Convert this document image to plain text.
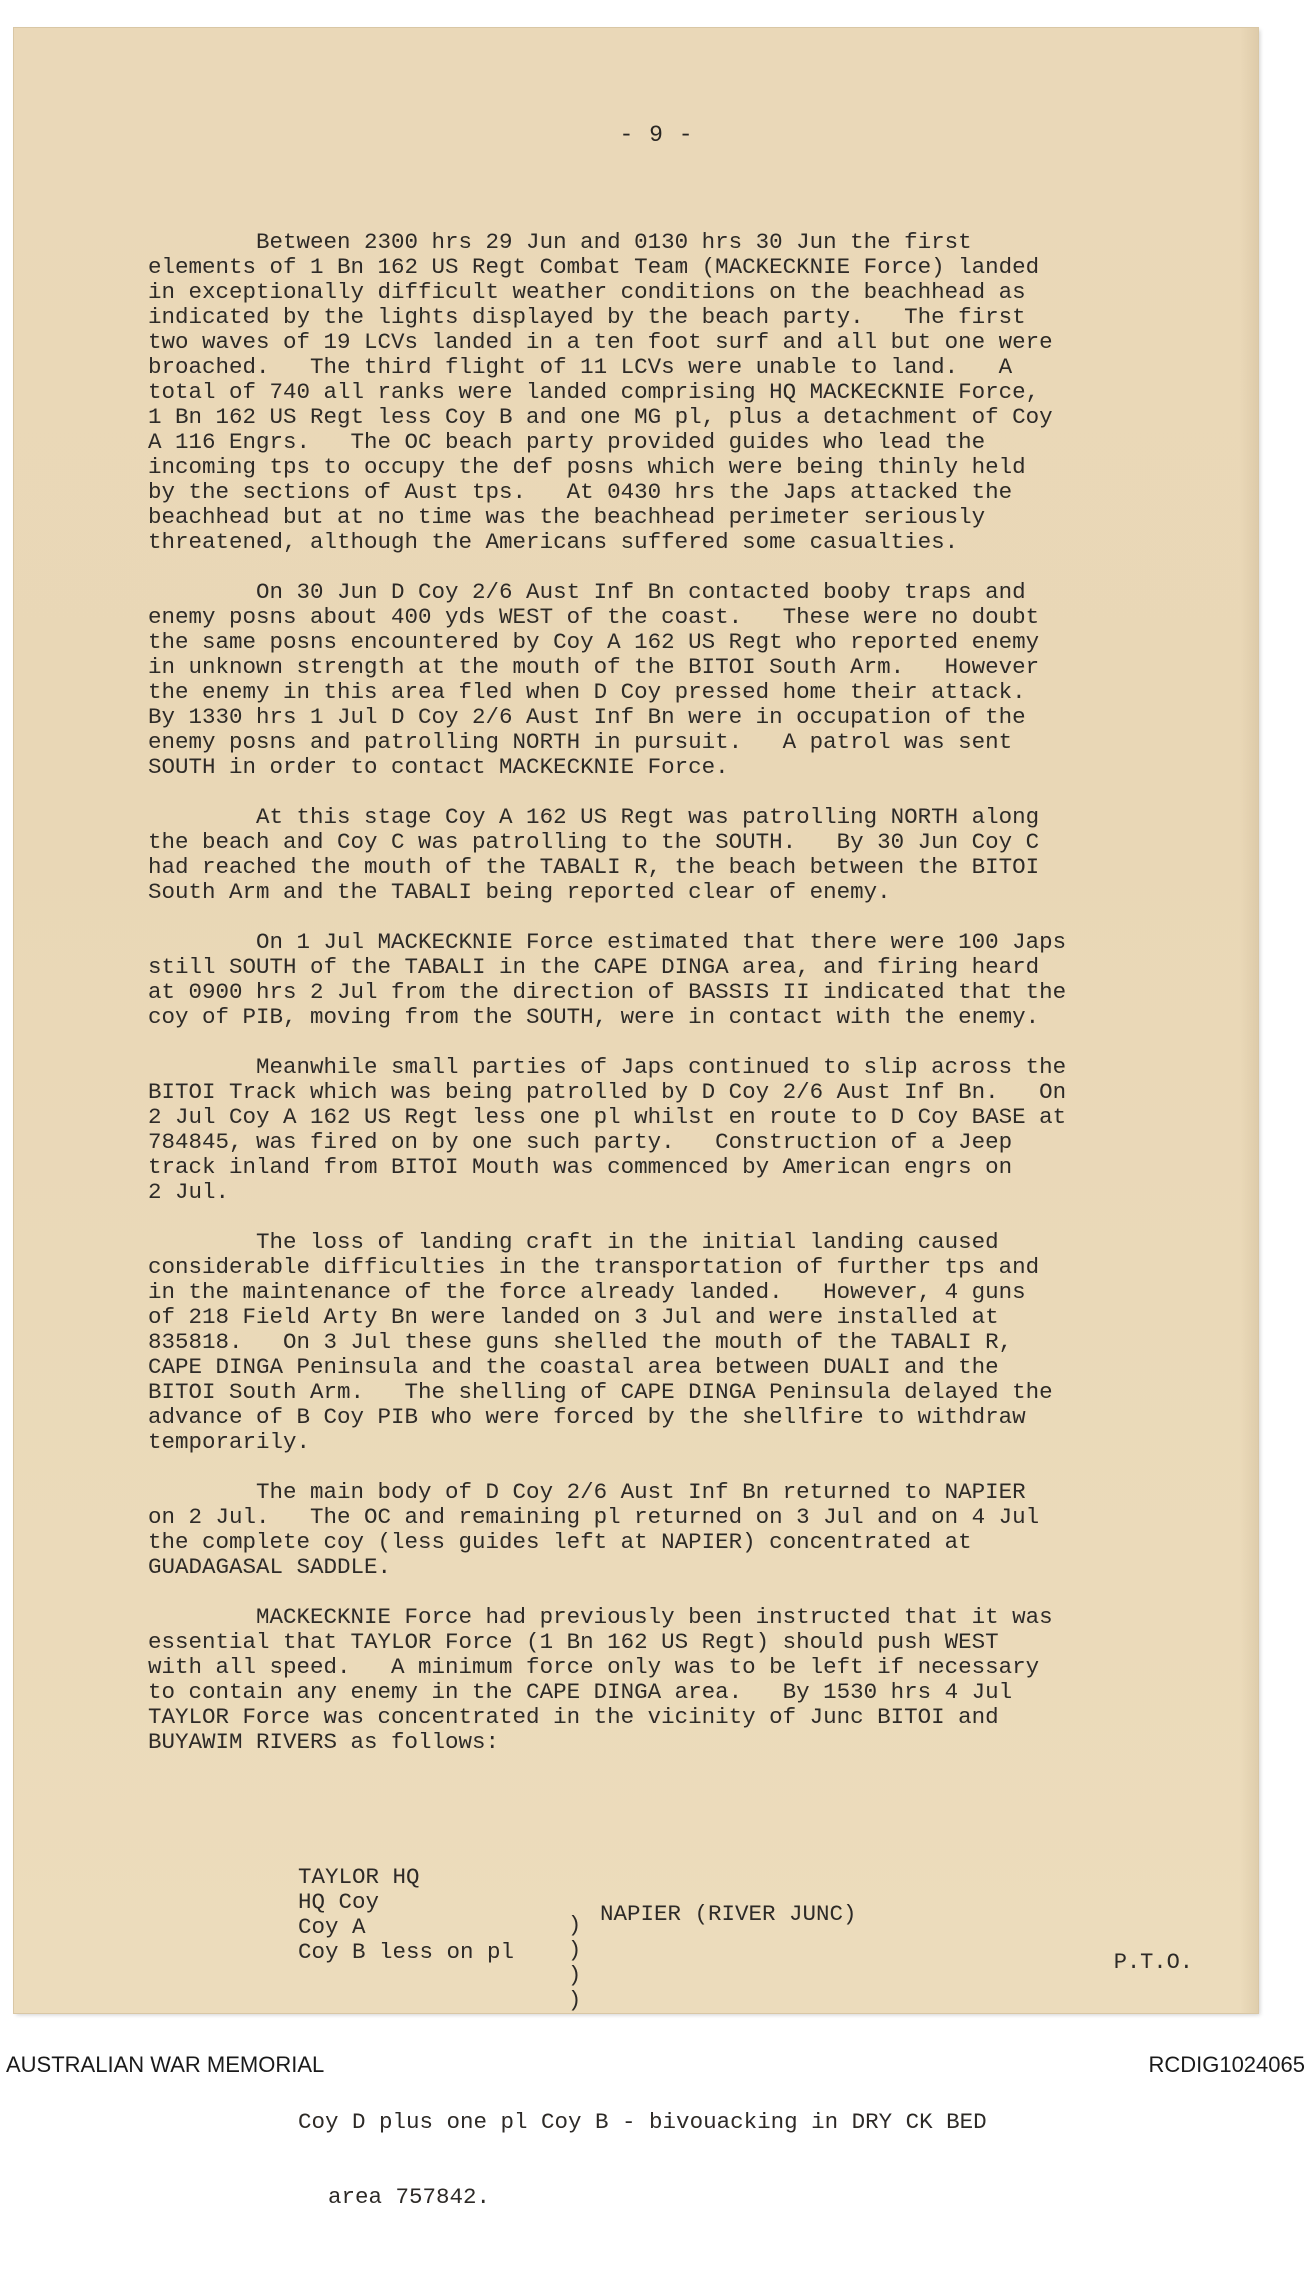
- 9 -

Between 2300 hrs 29 Jun and 0130 hrs 30 Jun the first
elements of 1 Bn 162 US Regt Combat Team (MACKECKNIE Force) landed
in exceptionally difficult weather conditions on the beachhead as
indicated by the lights displayed by the beach party.   The first
two waves of 19 LCVs landed in a ten foot surf and all but one were
broached.   The third flight of 11 LCVs were unable to land.   A
total of 740 all ranks were landed comprising HQ MACKECKNIE Force,
1 Bn 162 US Regt less Coy B and one MG pl, plus a detachment of Coy
A 116 Engrs.   The OC beach party provided guides who lead the
incoming tps to occupy the def posns which were being thinly held
by the sections of Aust tps.   At 0430 hrs the Japs attacked the
beachhead but at no time was the beachhead perimeter seriously
threatened, although the Americans suffered some casualties.
On 30 Jun D Coy 2/6 Aust Inf Bn contacted booby traps and
enemy posns about 400 yds WEST of the coast.   These were no doubt
the same posns encountered by Coy A 162 US Regt who reported enemy
in unknown strength at the mouth of the BITOI South Arm.   However
the enemy in this area fled when D Coy pressed home their attack.
By 1330 hrs 1 Jul D Coy 2/6 Aust Inf Bn were in occupation of the
enemy posns and patrolling NORTH in pursuit.   A patrol was sent
SOUTH in order to contact MACKECKNIE Force.
At this stage Coy A 162 US Regt was patrolling NORTH along
the beach and Coy C was patrolling to the SOUTH.   By 30 Jun Coy C
had reached the mouth of the TABALI R, the beach between the BITOI
South Arm and the TABALI being reported clear of enemy.
On 1 Jul MACKECKNIE Force estimated that there were 100 Japs
still SOUTH of the TABALI in the CAPE DINGA area, and firing heard
at 0900 hrs 2 Jul from the direction of BASSIS II indicated that the
coy of PIB, moving from the SOUTH, were in contact with the enemy.
Meanwhile small parties of Japs continued to slip across the
BITOI Track which was being patrolled by D Coy 2/6 Aust Inf Bn.   On
2 Jul Coy A 162 US Regt less one pl whilst en route to D Coy BASE at
784845, was fired on by one such party.   Construction of a Jeep
track inland from BITOI Mouth was commenced by American engrs on
2 Jul.
The loss of landing craft in the initial landing caused
considerable difficulties in the transportation of further tps and
in the maintenance of the force already landed.   However, 4 guns
of 218 Field Arty Bn were landed on 3 Jul and were installed at
835818.   On 3 Jul these guns shelled the mouth of the TABALI R,
CAPE DINGA Peninsula and the coastal area between DUALI and the
BITOI South Arm.   The shelling of CAPE DINGA Peninsula delayed the
advance of B Coy PIB who were forced by the shellfire to withdraw
temporarily.
The main body of D Coy 2/6 Aust Inf Bn returned to NAPIER
on 2 Jul.   The OC and remaining pl returned on 3 Jul and on 4 Jul
the complete coy (less guides left at NAPIER) concentrated at
GUADAGASAL SADDLE.
MACKECKNIE Force had previously been instructed that it was
essential that TAYLOR Force (1 Bn 162 US Regt) should push WEST
with all speed.   A minimum force only was to be left if necessary
to contain any enemy in the CAPE DINGA area.   By 1530 hrs 4 Jul
TAYLOR Force was concentrated in the vicinity of Junc BITOI and
BUYAWIM RIVERS as follows:

TAYLOR HQ
HQ Coy
Coy A
Coy B less on pl

)
)
)
)

NAPIER (RIVER JUNC)

Coy D plus one pl Coy B - bivouacking in DRY CK BED

area 757842.

P.T.O.
AUSTRALIAN WAR MEMORIAL	RCDIG1024065
